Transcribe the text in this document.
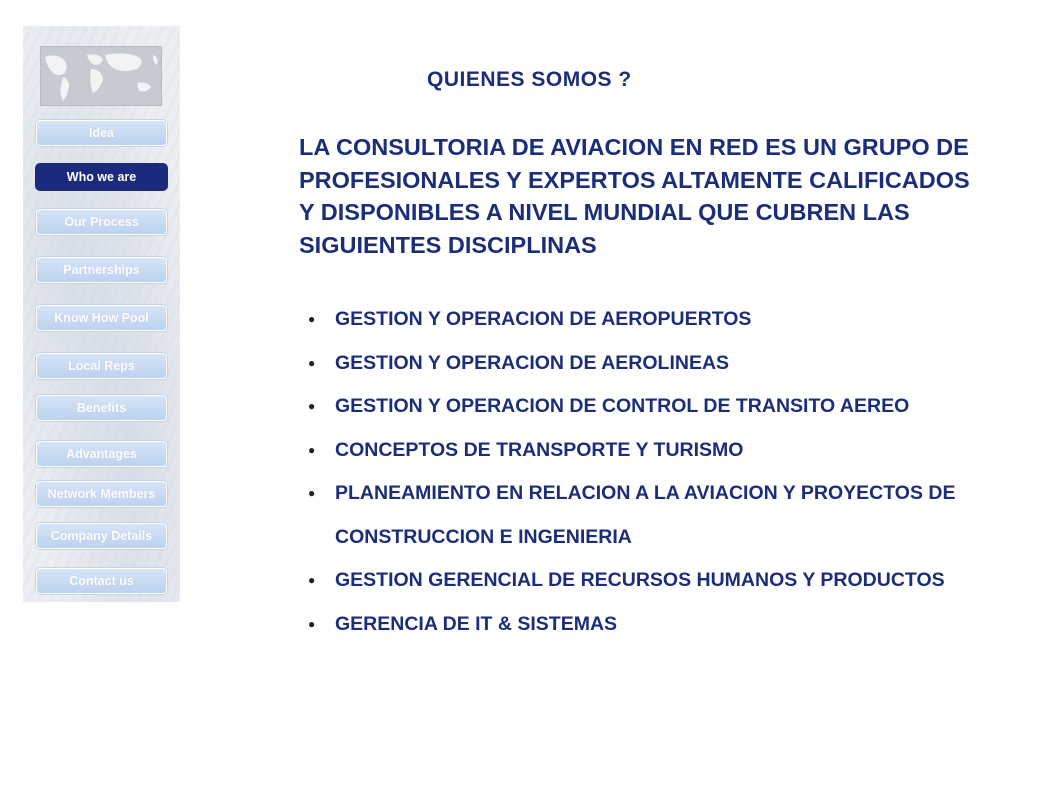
Idea
Who we are
Our Process
Partnerships
Know How Pool
Local Reps
Benefits
Advantages
Network Members
Company Details
Contact us
QUIENES SOMOS ?
LA CONSULTORIA DE AVIACION EN RED ES UN GRUPO DE PROFESIONALES Y EXPERTOS ALTAMENTE CALIFICADOS Y DISPONIBLES A NIVEL MUNDIAL QUE CUBREN LAS SIGUIENTES DISCIPLINAS
● GESTION Y OPERACION DE AEROPUERTOS
● GESTION Y OPERACION DE AEROLINEAS
● GESTION Y OPERACION DE CONTROL DE TRANSITO AEREO
● CONCEPTOS DE TRANSPORTE Y TURISMO
● PLANEAMIENTO EN RELACION A LA AVIACION Y PROYECTOS DE CONSTRUCCION E INGENIERIA
● GESTION GERENCIAL DE RECURSOS HUMANOS Y PRODUCTOS
● GERENCIA DE IT & SISTEMAS
